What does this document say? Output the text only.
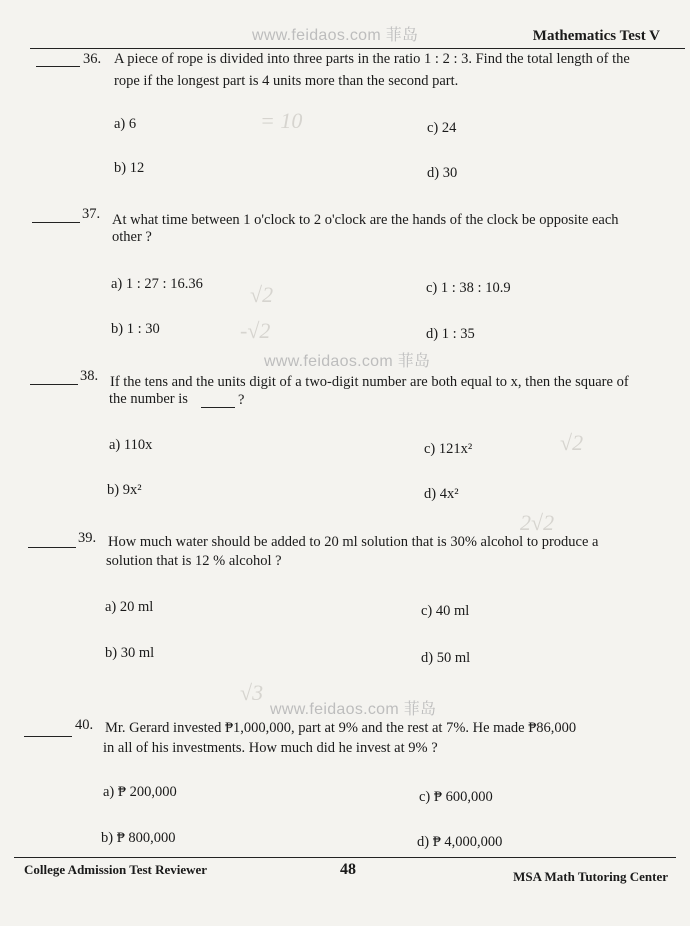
www.feidaos.com 菲岛	Mathematics Test V
= 10
-√2
√2
√2
2√2
√3
36. A piece of rope is divided into three parts in the ratio 1 : 2 : 3. Find the total length of the
rope if the longest part is 4 units more than the second part.
a) 6	c) 24
b) 12	d) 30
37. At what time between 1 o'clock to 2 o'clock are the hands of the clock be opposite each
other ?
a) 1 : 27 : 16.36	c) 1 : 38 : 10.9
b) 1 : 30	d) 1 : 35
www.feidaos.com 菲岛
38. If the tens and the units digit of a two-digit number are both equal to x, then the square of
the number is	?
a) 110x	c) 121x²
b) 9x²	d) 4x²
39. How much water should be added to 20 ml solution that is 30% alcohol to produce a
solution that is 12 % alcohol ?
a) 20 ml	c) 40 ml
b) 30 ml	d) 50 ml
www.feidaos.com 菲岛
40. Mr. Gerard invested ₱1,000,000, part at 9% and the rest at 7%. He made ₱86,000
in all of his investments. How much did he invest at 9% ?
a) ₱ 200,000	c) ₱ 600,000
b) ₱ 800,000	d) ₱ 4,000,000
College Admission Test Reviewer	48	MSA Math Tutoring Center
